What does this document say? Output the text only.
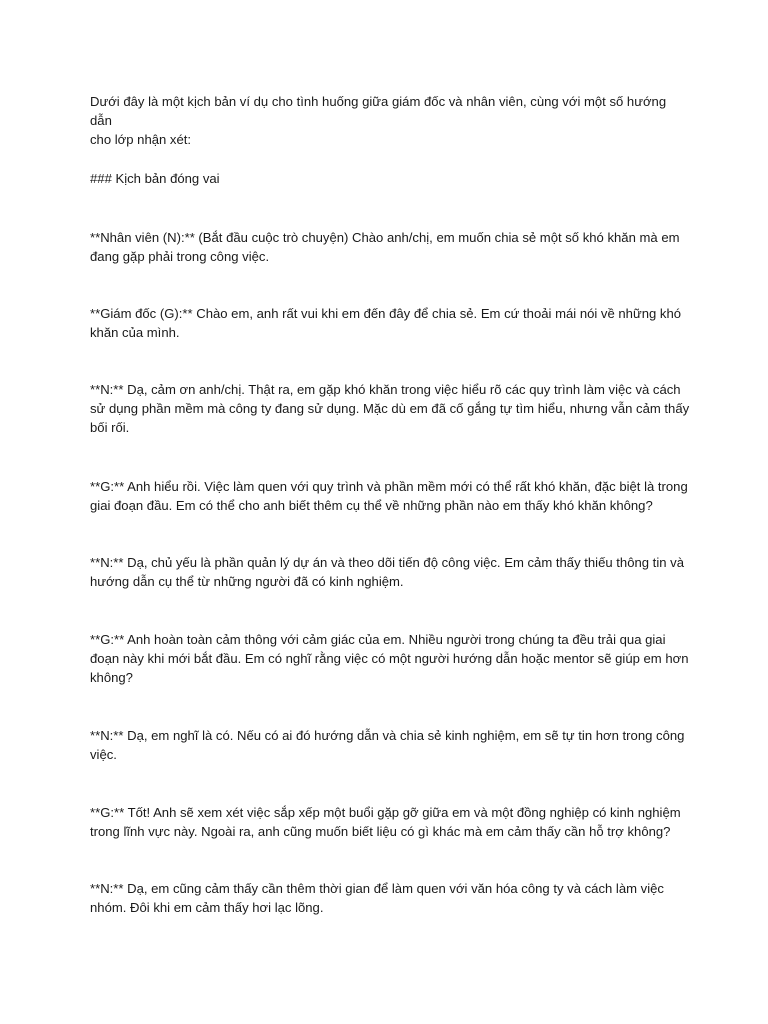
Dưới đây là một kịch bản ví dụ cho tình huống giữa giám đốc và nhân viên, cùng với một số hướng dẫn
cho lớp nhận xét:

### Kịch bản đóng vai

**Nhân viên (N):** (Bắt đầu cuộc trò chuyện) Chào anh/chị, em muốn chia sẻ một số khó khăn mà em
đang gặp phải trong công việc.

**Giám đốc (G):** Chào em, anh rất vui khi em đến đây để chia sẻ. Em cứ thoải mái nói về những khó
khăn của mình.

**N:** Dạ, cảm ơn anh/chị. Thật ra, em gặp khó khăn trong việc hiểu rõ các quy trình làm việc và cách
sử dụng phần mềm mà công ty đang sử dụng. Mặc dù em đã cố gắng tự tìm hiểu, nhưng vẫn cảm thấy
bối rối.

**G:** Anh hiểu rồi. Việc làm quen với quy trình và phần mềm mới có thể rất khó khăn, đặc biệt là trong
giai đoạn đầu. Em có thể cho anh biết thêm cụ thể về những phần nào em thấy khó khăn không?

**N:** Dạ, chủ yếu là phần quản lý dự án và theo dõi tiến độ công việc. Em cảm thấy thiếu thông tin và
hướng dẫn cụ thể từ những người đã có kinh nghiệm.

**G:** Anh hoàn toàn cảm thông với cảm giác của em. Nhiều người trong chúng ta đều trải qua giai
đoạn này khi mới bắt đầu. Em có nghĩ rằng việc có một người hướng dẫn hoặc mentor sẽ giúp em hơn
không?

**N:** Dạ, em nghĩ là có. Nếu có ai đó hướng dẫn và chia sẻ kinh nghiệm, em sẽ tự tin hơn trong công
việc.

**G:** Tốt! Anh sẽ xem xét việc sắp xếp một buổi gặp gỡ giữa em và một đồng nghiệp có kinh nghiệm
trong lĩnh vực này. Ngoài ra, anh cũng muốn biết liệu có gì khác mà em cảm thấy cần hỗ trợ không?

**N:** Dạ, em cũng cảm thấy cần thêm thời gian để làm quen với văn hóa công ty và cách làm việc
nhóm. Đôi khi em cảm thấy hơi lạc lõng.
